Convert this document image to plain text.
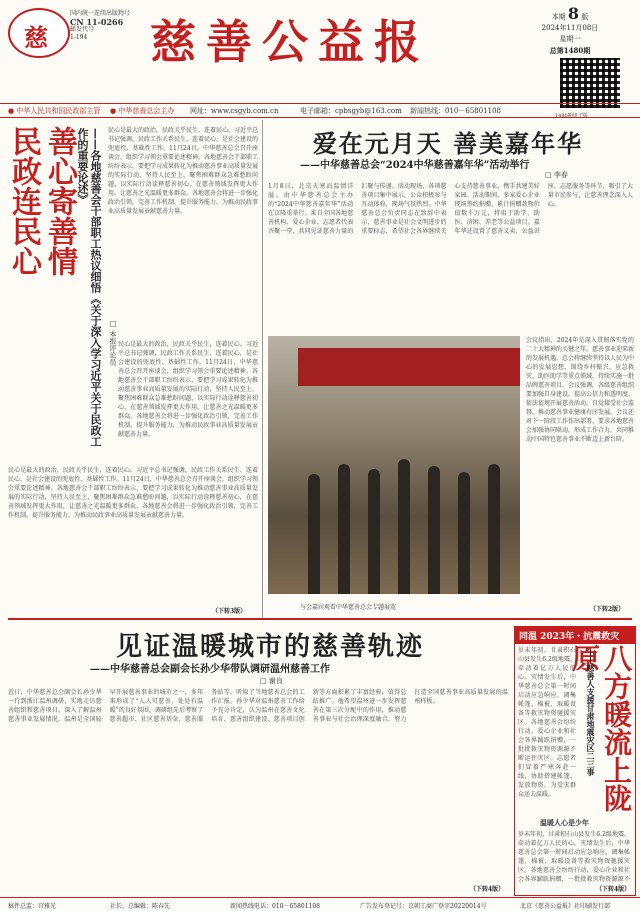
慈
国内统一连续出版物号
CN 11-0266
邮发代号
1-194	慈善公益报	本期 8 版
2024年11月08日
星期一
总第1480期
1480期电子版
● 中华人民共和国民政部主管 ● 中华慈善总会主办 网址：www.csgyb.com.cn	电子邮箱：cpbsgyb@163.com 新闻热线：010－65801108
民政连民心 善心寄善情	——各地慈善会干部职工热议细悟《关于深入学习近平关于民政工作的重要论述》
□ 本报评论员
民心是最大的政治，民政关乎民生，连着民心。习近平总书记强调，民政工作关系民生、连着民心，是社会建设的兜底性、基础性工作。11月24日，中华慈善总会召开座谈会，组织学习领会重要论述精神。各地慈善会干部职工纷纷表示，要把学习成果转化为推动慈善事业高质量发展的实际行动，坚持人民至上，聚焦困难群众急难愁盼问题，以实际行动诠释慈善初心，在慈善领域发挥更大作用，让慈善之光温暖更多群众。各地慈善会将进一步强化政治引领，完善工作机制，提升服务能力，为推动民政事业高质量发展贡献慈善力量。
民心是最大的政治，民政关乎民生，连着民心。习近平总书记强调，民政工作关系民生、连着民心，是社会建设的兜底性、基础性工作。11月24日，中华慈善总会召开座谈会，组织学习领会重要论述精神。各地慈善会干部职工纷纷表示，要把学习成果转化为推动慈善事业高质量发展的实际行动，坚持人民至上，聚焦困难群众急难愁盼问题，以实际行动诠释慈善初心，在慈善领域发挥更大作用，让慈善之光温暖更多群众。各地慈善会将进一步强化政治引领，完善工作机制，提升服务能力，为推动民政事业高质量发展贡献慈善力量。
民心是最大的政治，民政关乎民生，连着民心。习近平总书记强调，民政工作关系民生、连着民心，是社会建设的兜底性、基础性工作。11月24日，中华慈善总会召开座谈会，组织学习领会重要论述精神。各地慈善会干部职工纷纷表示，要把学习成果转化为推动慈善事业高质量发展的实际行动，坚持人民至上，聚焦困难群众急难愁盼问题，以实际行动诠释慈善初心，在慈善领域发挥更大作用，让慈善之光温暖更多群众。各地慈善会将进一步强化政治引领，完善工作机制，提升服务能力，为推动民政事业高质量发展贡献慈善力量。
（下转3版）
爱在元月天 善美嘉年华
——中华慈善总会“2024中华慈善嘉年华”活动举行
□ 李春
1月8日，北京天寒而温情洋溢。由中华慈善总会主办的“2024中华慈善嘉年华”活动在京隆重举行。来自全国各地慈善机构、爱心企业、志愿者代表齐聚一堂，共同见证慈善力量的汇聚与传递。活动现场，各项慈善项目集中展示，公众积极参与互动体验，现场气氛热烈。中华慈善总会负责同志在致辞中表示，慈善事业是社会文明进步的重要标志，希望社会各界继续关心支持慈善事业，携手共建美好家园。活动期间，多家爱心企业现场签约捐赠，累计捐赠款物价值数千万元，将用于助学、助医、济困、养老等公益项目。嘉年华还设置了慈善义卖、公益讲座、志愿服务等环节，吸引了大量市民参与，让慈善理念深入人心。
与会嘉宾观看中华慈善总会专题展览
会议指出，2024年是深入贯彻落实党的二十大精神的关键之年，慈善事业迎来新的发展机遇。总会将继续坚持以人民为中心的发展思想，围绕乡村振兴、应急救灾、助医助学等重点领域，持续实施一批品牌慈善项目。会议强调，各级慈善组织要加强自身建设，提高公信力和透明度，依法依规开展慈善活动，自觉接受社会监督，推动慈善事业健康有序发展。会议还对下一阶段工作作出部署，要求各地慈善会加强协同联动，形成工作合力，共同推动中国特色慈善事业不断迈上新台阶。
（下转2版）
见证温暖城市的慈善轨迹
——中华慈善总会副会长孙少华带队调研温州慈善工作
□ 谢良
近日，中华慈善总会副会长孙少华一行到浙江温州调研，实地走访慈善组织和慈善项目，深入了解温州慈善事业发展情况。温州是全国较早开展慈善事业的城市之一，多年来形成了“人人可慈善、处处有温暖”的良好氛围。调研组先后考察了慈善超市、社区慈善基金、慈善服务站等，听取了当地慈善总会的工作汇报。孙少华对温州慈善工作给予充分肯定，认为温州在慈善文化培育、慈善组织建设、慈善项目创新等方面积累了丰富经验，值得总结推广。他希望温州进一步发挥慈善在第三次分配中的作用，推动慈善事业与社会治理深度融合，努力打造全国慈善事业高质量发展的温州样板。
（下转4版）
同温 2023年・抗震救灾
八方暖流上陇原
——慈善人支援甘肃地震灾区二三事
岁末年初，甘肃积石山县发生6.2级地震，牵动着亿万人民的心。灾情发生后，中华慈善总会第一时间启动应急响应，调集帐篷、棉被、取暖设备等救灾物资驰援灾区。各地慈善会纷纷行动，爱心企业和社会各界踊跃捐赠，一批批救灾物资源源不断运往灾区。志愿者们冒着严寒奔赴一线，协助搭建帐篷、发放物资，为受灾群众送去温暖。
温暖人心是少年
岁末年初，甘肃积石山县发生6.2级地震，牵动着亿万人民的心。灾情发生后，中华慈善总会第一时间启动应急响应，调集帐篷、棉被、取暖设备等救灾物资驰援灾区。各地慈善会纷纷行动，爱心企业和社会各界踊跃捐赠，一批批救灾物资源源不
（下转4版）
稿件总监：宫雅光	社长、总编辑：陈春先	新闻热线电话：010－65801108	广告发布登记号：京朝工商广登字20220014号	北京《慈善公益报》社印刷发行部
